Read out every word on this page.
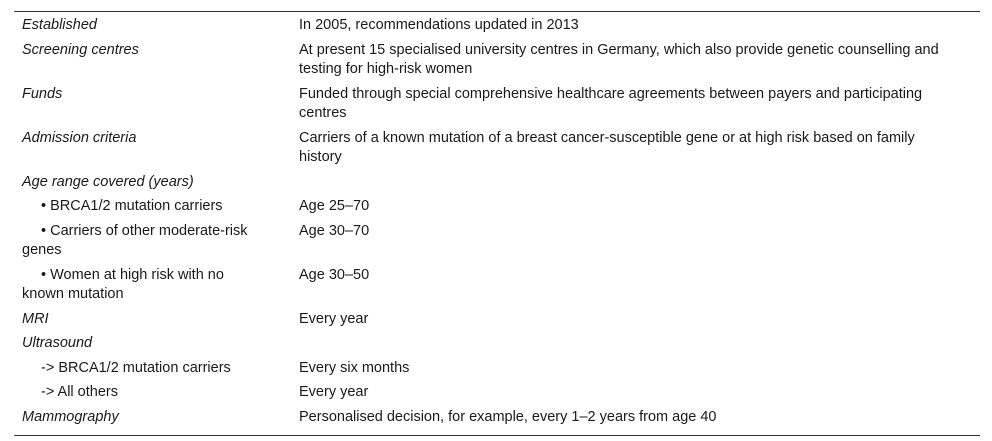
Established	In 2005, recommendations updated in 2013
Screening centres	At present 15 specialised university centres in Germany, which also provide genetic counselling and testing for high-risk women
Funds	Funded through special comprehensive healthcare agreements between payers and participating centres
Admission criteria	Carriers of a known mutation of a breast cancer-susceptible gene or at high risk based on family history
Age range covered (years)	

• BRCA1/2 mutation carriers	Age 25–70

• Carriers of other moderate-risk genes	Age 30–70

• Women at high risk with no known mutation	Age 30–50
MRI	Every year
Ultrasound	

-> BRCA1/2 mutation carriers	Every six months

-> All others	Every year
Mammography	Personalised decision, for example, every 1–2 years from age 40
